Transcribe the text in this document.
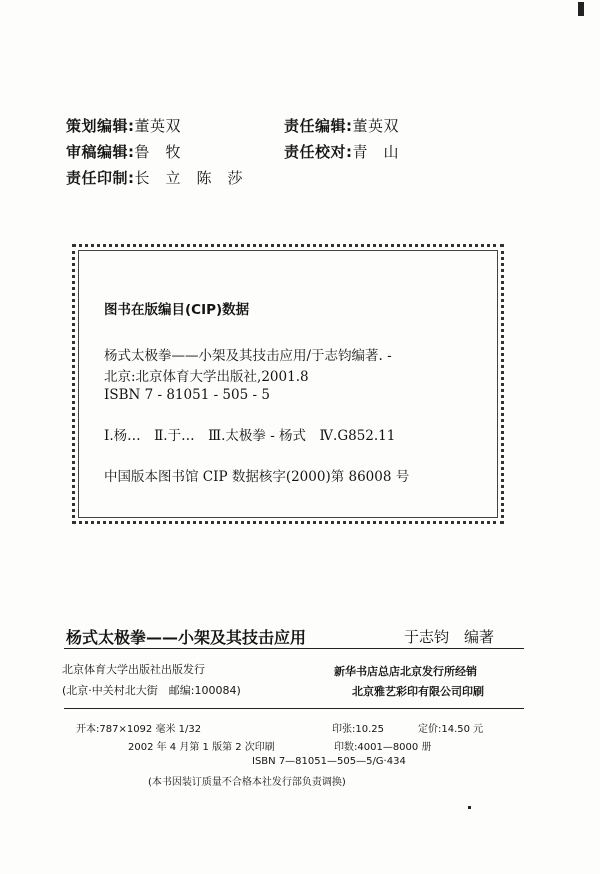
策划编辑:董英双	责任编辑:董英双
审稿编辑:鲁　牧	责任校对:青　山
责任印制:长　立　陈　莎
图书在版编目(CIP)数据
杨式太极拳——小架及其技击应用/于志钧编著. -
北京:北京体育大学出版社,2001.8
ISBN 7 - 81051 - 505 - 5
Ⅰ.杨…　Ⅱ.于…　Ⅲ.太极拳 - 杨式　Ⅳ.G852.11
中国版本图书馆 CIP 数据核字(2000)第 86008 号
杨式太极拳——小架及其技击应用	于志钧　编著
北京体育大学出版社出版发行
(北京·中关村北大街　邮编:100084)
新华书店总店北京发行所经销
北京雅艺彩印有限公司印刷
开本:787×1092 毫米 1/32	印张:10.25	定价:14.50 元
2002 年 4 月第 1 版第 2 次印刷	印数:4001—8000 册
ISBN 7—81051—505—5/G·434
(本书因装订质量不合格本社发行部负责调换)
